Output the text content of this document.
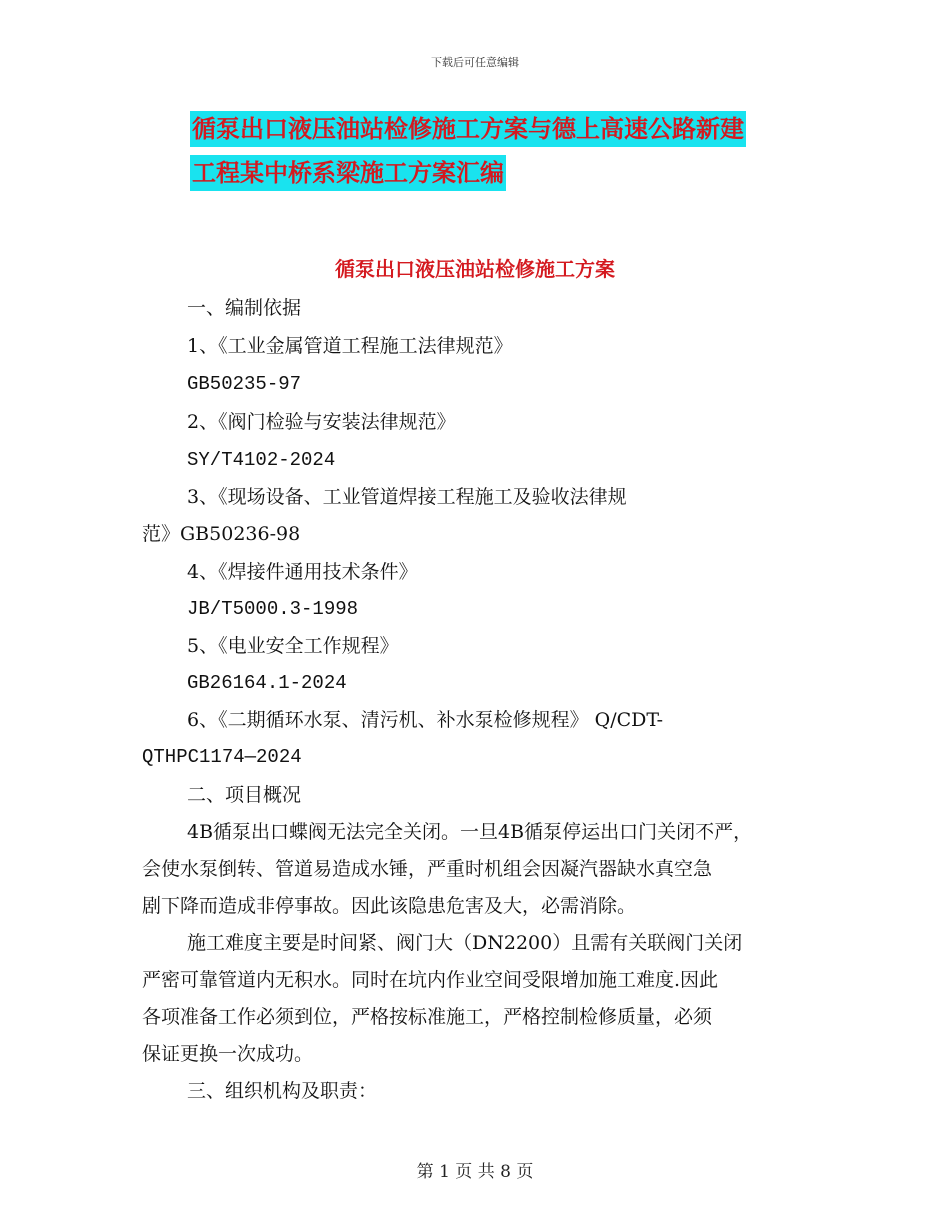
下载后可任意编辑
循泵出口液压油站检修施工方案与德上高速公路新建
工程某中桥系梁施工方案汇编
循泵出口液压油站检修施工方案
一、编制依据
1、《工业金属管道工程施工法律规范》
GB50235-97
2、《阀门检验与安装法律规范》
SY/T4102-2024
3、《现场设备、工业管道焊接工程施工及验收法律规
范》GB50236-98
4、《焊接件通用技术条件》
JB/T5000.3-1998
5、《电业安全工作规程》
GB26164.1-2024
6、《二期循环水泵、清污机、补水泵检修规程》 Q/CDT-
QTHPC1174—2024
二、项目概况
4B循泵出口蝶阀无法完全关闭。一旦4B循泵停运出口门关闭不严，
会使水泵倒转、管道易造成水锤，严重时机组会因凝汽器缺水真空急
剧下降而造成非停事故。因此该隐患危害及大，必需消除。
施工难度主要是时间紧、阀门大（DN2200）且需有关联阀门关闭
严密可靠管道内无积水。同时在坑内作业空间受限增加施工难度.因此
各项准备工作必须到位，严格按标准施工，严格控制检修质量，必须
保证更换一次成功。
三、组织机构及职责：
第 1 页 共 8 页
